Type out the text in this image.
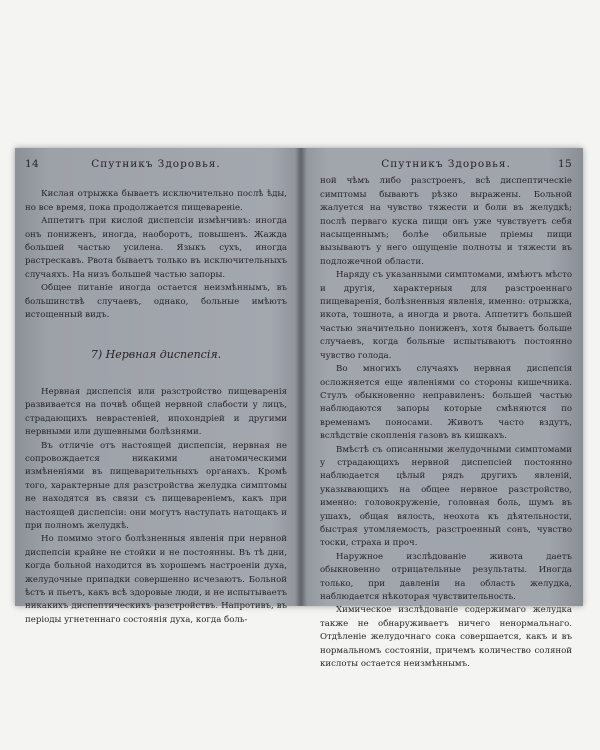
14	Спутникъ Здоровья.

Кислая отрыжка бываетъ исключительно послѣ ѣды, но все время, пока продолжается пищевареніе.

Аппетитъ при кислой диспепсіи измѣнчивъ: иногда онъ пониженъ, иногда, наоборотъ, повышенъ. Жажда большей частью усилена. Языкъ сухъ, иногда растрескавъ. Рвота бываетъ только въ исключительныхъ случаяхъ. На низъ большей частью запоры.

Общее питаніе иногда остается неизмѣннымъ, въ большинствѣ случаевъ, однако, больные имѣютъ истощенный видъ.

7) Нервная диспепсія.

Нервная диспепсія или разстройство пищеваренія развивается на почвѣ общей нервной слабости у лицъ, страдающихъ неврастеніей, ипохондріей и другими нервными или душевными болѣзнями.

Въ отличіе отъ настоящей диспепсіи, нервная не сопровождается никакими анатомическими измѣненіями въ пищеварительныхъ органахъ. Кромѣ того, характерные для разстройства желудка симптомы не находятся въ связи съ пищевареніемъ, какъ при настоящей диспепсіи: они могутъ наступать натощакъ и при полномъ желудкѣ.

Но помимо этого болѣзненныя явленія при нервной диспепсіи крайне не стойки и не постоянны. Въ тѣ дни, когда больной находится въ хорошемъ настроеніи духа, желудочные припадки совершенно исчезаютъ. Больной ѣстъ и пьетъ, какъ всѣ здоровые люди, и не испытываетъ никакихъ диспептическихъ разстройствъ. Напротивъ, въ періоды угнетеннаго состоянія духа, когда боль-

Спутникъ Здоровья.	15

ной чѣмъ либо разстроенъ, всѣ диспептическіе симптомы бываютъ рѣзко выражены. Больной жалуется на чувство тяжести и боли въ желудкѣ; послѣ перваго куска пищи онъ уже чувствуетъ себя насыщеннымъ; болѣе обильные пріемы пищи вызываютъ у него ощущеніе полноты и тяжести въ подложечной области.

Наряду съ указанными симптомами, имѣютъ мѣсто и другія, характерныя для разстроеннаго пищеваренія, болѣзненныя явленія, именно: отрыжка, икота, тошнота, а иногда и рвота. Аппетитъ большей частью значительно пониженъ, хотя бываетъ больше случаевъ, когда больные испытываютъ постоянно чувство голода.

Во многихъ случаяхъ нервная диспепсія осложняется еще явленіями со стороны кишечника. Стулъ обыкновенно неправиленъ: большей частью наблюдаются запоры которые смѣняются по временамъ поносами. Животъ часто вздутъ, вслѣдствіе скопленія газовъ въ кишкахъ.

Вмѣстѣ съ описанными желудочными симптомами у страдающихъ нервной диспепсіей постоянно наблюдается цѣлый рядъ другихъ явленій, указывающихъ на общее нервное разстройство, именно: головокруженіе, головная боль, шумъ въ ушахъ, общая вялость, неохота къ дѣятельности, быстрая утомляемость, разстроенный сонъ, чувство тоски, страха и проч.

Наружное изслѣдованіе живота даетъ обыкновенно отрицательные результаты. Иногда только, при давленіи на область желудка, наблюдается нѣкоторая чувствительность.

Химическое изслѣдованіе содержимаго желудка также не обнаруживаетъ ничего ненормальнаго. Отдѣленіе желудочнаго сока совершается, какъ и въ нормальномъ состояніи, причемъ количество соляной кислоты остается неизмѣннымъ.
